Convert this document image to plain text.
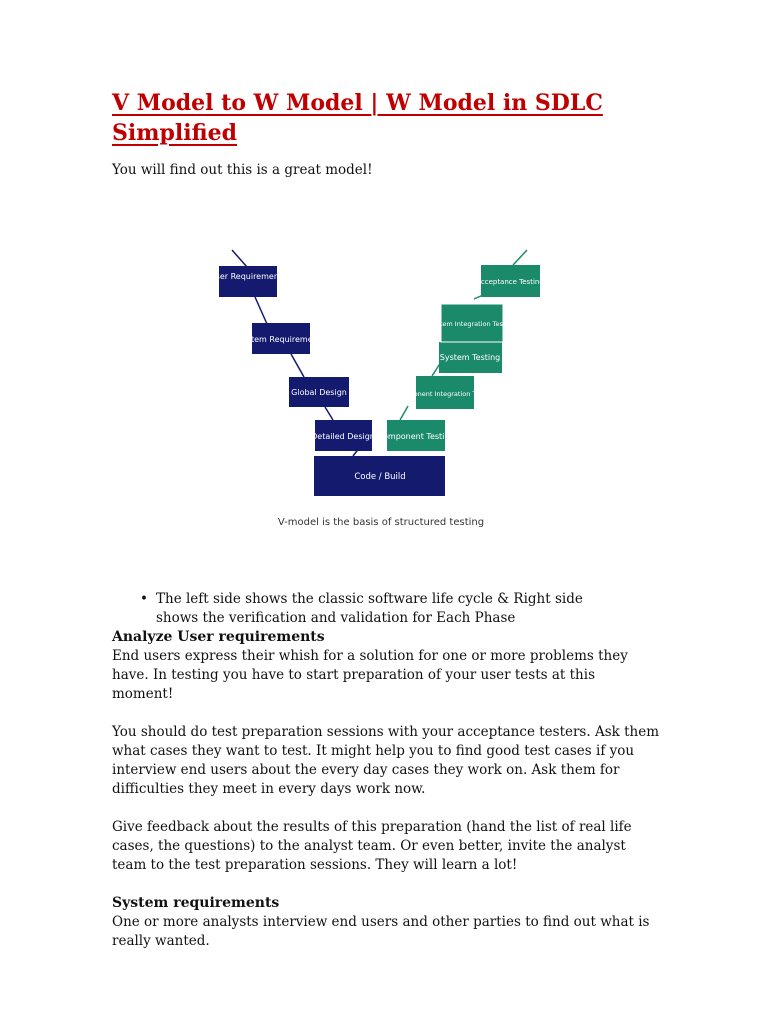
V Model to W Model | W Model in SDLC Simplified
You will find out this is a great model!
User Requirements
System Requirements
Global Design
Detailed Design
Code / Build
Component Testing
Component Integration Testing
System Testing
System Integration Testing
Acceptance Testing
V-model is the basis of structured testing
• The left side shows the classic software life cycle & Right side shows the verification and validation for Each Phase
Analyze User requirements

End users express their whish for a solution for one or more problems they have. In testing you have to start preparation of your user tests at this moment!

You should do test preparation sessions with your acceptance testers. Ask them what cases they want to test. It might help you to find good test cases if you interview end users about the every day cases they work on. Ask them for difficulties they meet in every days work now.

Give feedback about the results of this preparation (hand the list of real life cases, the questions) to the analyst team. Or even better, invite the analyst team to the test preparation sessions. They will learn a lot!

System requirements

One or more analysts interview end users and other parties to find out what is really wanted.
